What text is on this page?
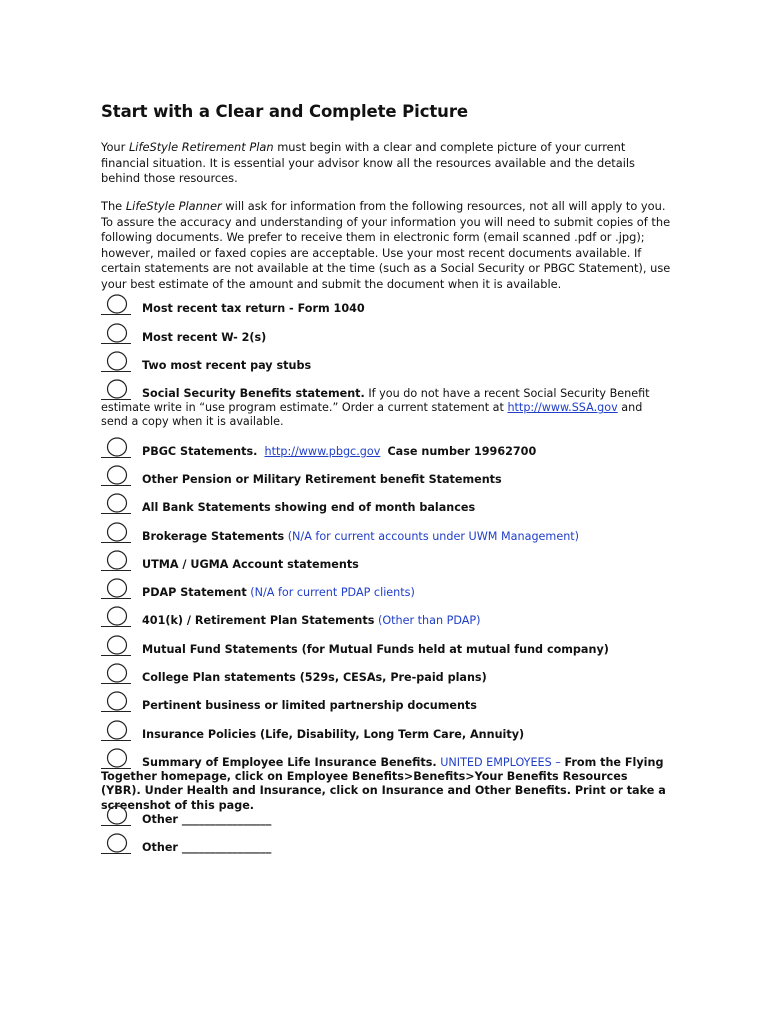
Start with a Clear and Complete Picture

Your LifeStyle Retirement Plan must begin with a clear and complete picture of your current financial situation. It is essential your advisor know all the resources available and the details behind those resources.

The LifeStyle Planner will ask for information from the following resources, not all will apply to you. To assure the accuracy and understanding of your information you will need to submit copies of the following documents. We prefer to receive them in electronic form (email scanned .pdf or .jpg); however, mailed or faxed copies are acceptable. Use your most recent documents available. If certain statements are not available at the time (such as a Social Security or PBGC Statement), use your best estimate of the amount and submit the document when it is available.

Most recent tax return - Form 1040
Most recent W- 2(s)
Two most recent pay stubs
Social Security Benefits statement. If you do not have a recent Social Security Benefit estimate write in “use program estimate.” Order a current statement at http://www.SSA.gov and send a copy when it is available.
PBGC Statements. http://www.pbgc.gov Case number 19962700
Other Pension or Military Retirement benefit Statements
All Bank Statements showing end of month balances
Brokerage Statements (N/A for current accounts under UWM Management)
UTMA / UGMA Account statements
PDAP Statement (N/A for current PDAP clients)
401(k) / Retirement Plan Statements (Other than PDAP)
Mutual Fund Statements (for Mutual Funds held at mutual fund company)
College Plan statements (529s, CESAs, Pre-paid plans)
Pertinent business or limited partnership documents
Insurance Policies (Life, Disability, Long Term Care, Annuity)
Summary of Employee Life Insurance Benefits. UNITED EMPLOYEES – From the Flying Together homepage, click on Employee Benefits>Benefits>Your Benefits Resources (YBR). Under Health and Insurance, click on Insurance and Other Benefits. Print or take a screenshot of this page.
Other ________________
Other ________________
